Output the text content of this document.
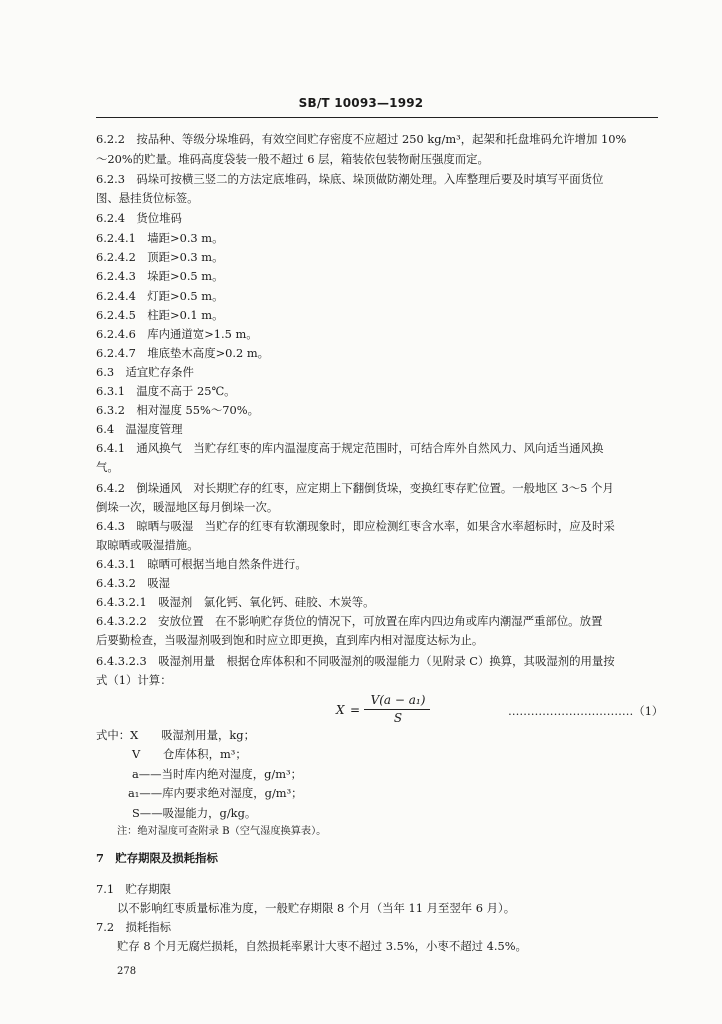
SB/T 10093—1992
6.2.2　按品种、等级分垛堆码，有效空间贮存密度不应超过 250 kg/m³，起架和托盘堆码允许增加 10%
～20%的贮量。堆码高度袋装一般不超过 6 层，箱装依包装物耐压强度而定。
6.2.3　码垛可按横三竖二的方法定底堆码，垛底、垛顶做防潮处理。入库整理后要及时填写平面货位
图、悬挂货位标签。
6.2.4　货位堆码
6.2.4.1　墙距>0.3 m。
6.2.4.2　顶距>0.3 m。
6.2.4.3　垛距>0.5 m。
6.2.4.4　灯距>0.5 m。
6.2.4.5　柱距>0.1 m。
6.2.4.6　库内通道宽>1.5 m。
6.2.4.7　堆底垫木高度>0.2 m。
6.3　适宜贮存条件
6.3.1　温度不高于 25℃。
6.3.2　相对湿度 55%～70%。
6.4　温湿度管理
6.4.1　通风换气　当贮存红枣的库内温湿度高于规定范围时，可结合库外自然风力、风向适当通风换
气。
6.4.2　倒垛通风　对长期贮存的红枣，应定期上下翻倒货垛，变换红枣存贮位置。一般地区 3～5 个月
倒垛一次，暖湿地区每月倒垛一次。
6.4.3　晾晒与吸湿　当贮存的红枣有软潮现象时，即应检测红枣含水率，如果含水率超标时，应及时采
取晾晒或吸湿措施。
6.4.3.1　晾晒可根据当地自然条件进行。
6.4.3.2　吸湿
6.4.3.2.1　吸湿剂　氯化钙、氧化钙、硅胶、木炭等。
6.4.3.2.2　安放位置　在不影响贮存货位的情况下，可放置在库内四边角或库内潮湿严重部位。放置
后要勤检查，当吸湿剂吸到饱和时应立即更换，直到库内相对湿度达标为止。
6.4.3.2.3　吸湿剂用量　根据仓库体积和不同吸湿剂的吸湿能力（见附录 C）换算，其吸湿剂的用量按
式（1）计算：
X =
V(a − a₁)
S	……………………………（1）
式中：X　　吸湿剂用量，kg；
V　　仓库体积，m³；
a——当时库内绝对湿度，g/m³；
a₁——库内要求绝对湿度，g/m³；
S——吸湿能力，g/kg。
注：绝对湿度可查附录 B（空气湿度换算表）。
7　贮存期限及损耗指标
7.1　贮存期限
以不影响红枣质量标准为度，一般贮存期限 8 个月（当年 11 月至翌年 6 月）。
7.2　损耗指标
贮存 8 个月无腐烂损耗，自然损耗率累计大枣不超过 3.5%，小枣不超过 4.5%。
278
